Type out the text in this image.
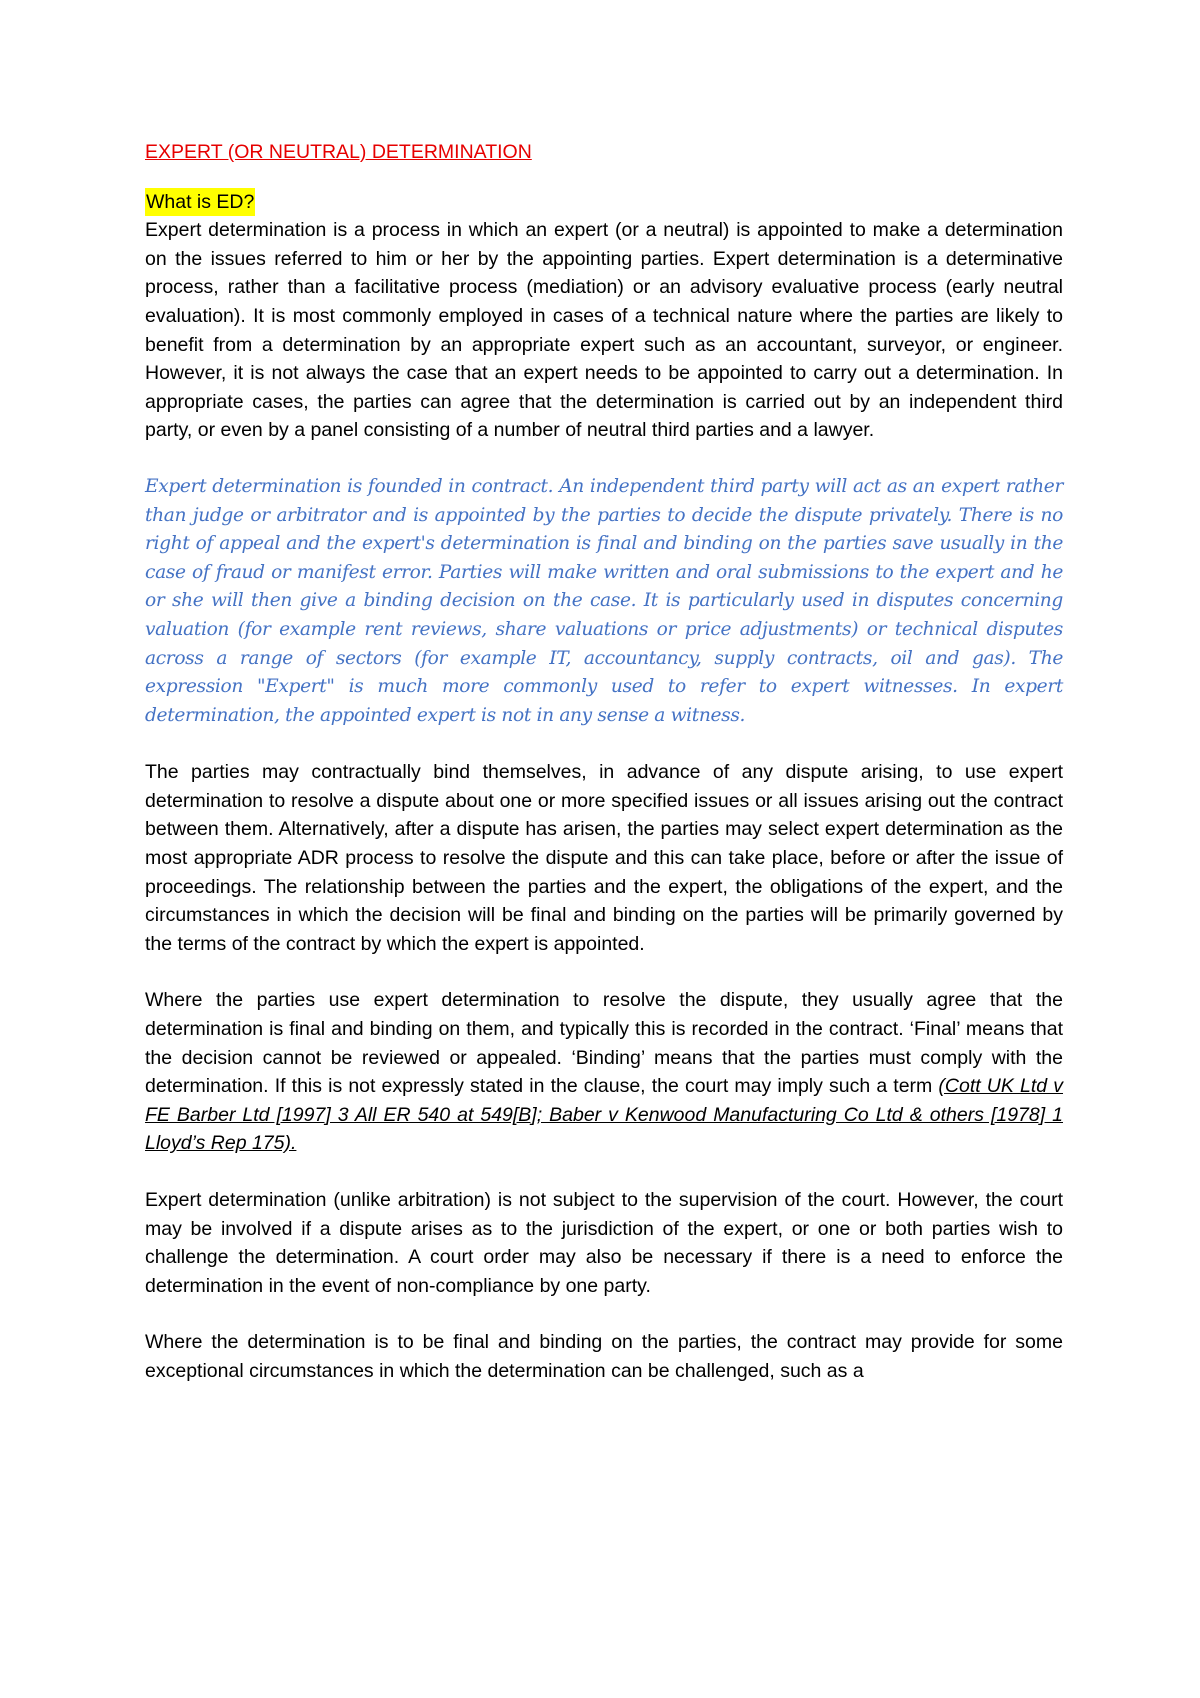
EXPERT (OR NEUTRAL) DETERMINATION
What is ED?

Expert determination is a process in which an expert (or a neutral) is appointed to make a determination on the issues referred to him or her by the appointing parties. Expert determination is a determinative process, rather than a facilitative process (mediation) or an advisory evaluative process (early neutral evaluation). It is most commonly employed in cases of a technical nature where the parties are likely to benefit from a determination by an appropriate expert such as an accountant, surveyor, or engineer. However, it is not always the case that an expert needs to be appointed to carry out a determination. In appropriate cases, the parties can agree that the determination is carried out by an independent third party, or even by a panel consisting of a number of neutral third parties and a lawyer.

Expert determination is founded in contract. An independent third party will act as an expert rather than judge or arbitrator and is appointed by the parties to decide the dispute privately. There is no right of appeal and the expert's determination is final and binding on the parties save usually in the case of fraud or manifest error. Parties will make written and oral submissions to the expert and he or she will then give a binding decision on the case. It is particularly used in disputes concerning valuation (for example rent reviews, share valuations or price adjustments) or technical disputes across a range of sectors (for example IT, accountancy, supply contracts, oil and gas). The expression "Expert" is much more commonly used to refer to expert witnesses. In expert determination, the appointed expert is not in any sense a witness.

The parties may contractually bind themselves, in advance of any dispute arising, to use expert determination to resolve a dispute about one or more specified issues or all issues arising out the contract between them. Alternatively, after a dispute has arisen, the parties may select expert determination as the most appropriate ADR process to resolve the dispute and this can take place, before or after the issue of proceedings. The relationship between the parties and the expert, the obligations of the expert, and the circumstances in which the decision will be final and binding on the parties will be primarily governed by the terms of the contract by which the expert is appointed.

Where the parties use expert determination to resolve the dispute, they usually agree that the determination is final and binding on them, and typically this is recorded in the contract. ‘Final’ means that the decision cannot be reviewed or appealed. ‘Binding’ means that the parties must comply with the determination. If this is not expressly stated in the clause, the court may imply such a term (Cott UK Ltd v FE Barber Ltd [1997] 3 All ER 540 at 549[B]; Baber v Kenwood Manufacturing Co Ltd & others [1978] 1 Lloyd’s Rep 175).

Expert determination (unlike arbitration) is not subject to the supervision of the court. However, the court may be involved if a dispute arises as to the jurisdiction of the expert, or one or both parties wish to challenge the determination. A court order may also be necessary if there is a need to enforce the determination in the event of non-compliance by one party.

Where the determination is to be final and binding on the parties, the contract may provide for some exceptional circumstances in which the determination can be challenged, such as a
